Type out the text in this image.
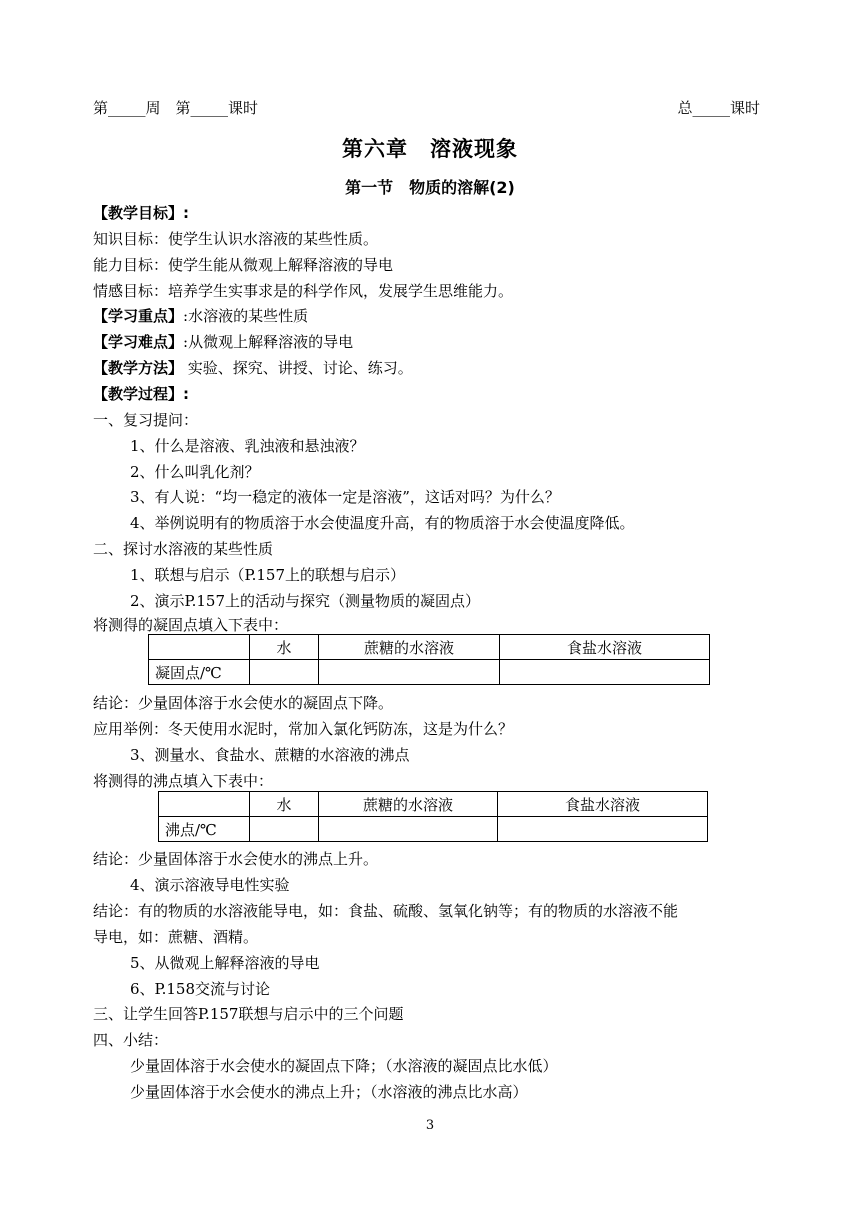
第_____周　第_____课时	总_____课时
第六章　溶液现象
第一节　物质的溶解(2)
【教学目标】:
知识目标：使学生认识水溶液的某些性质。
能力目标：使学生能从微观上解释溶液的导电
情感目标：培养学生实事求是的科学作风，发展学生思维能力。
【学习重点】:水溶液的某些性质
【学习难点】:从微观上解释溶液的导电
【教学方法】 实验、探究、讲授、讨论、练习。
【教学过程】:
一、复习提问：
1、什么是溶液、乳浊液和悬浊液？
2、什么叫乳化剂？
3、有人说：“均一稳定的液体一定是溶液”，这话对吗？为什么？
4、举例说明有的物质溶于水会使温度升高，有的物质溶于水会使温度降低。
二、探讨水溶液的某些性质
1、联想与启示（P.157上的联想与启示）
2、演示P.157上的活动与探究（测量物质的凝固点）
将测得的凝固点填入下表中：
	水	蔗糖的水溶液	食盐水溶液
凝固点/℃			
结论：少量固体溶于水会使水的凝固点下降。
应用举例：冬天使用水泥时，常加入氯化钙防冻，这是为什么？
3、测量水、食盐水、蔗糖的水溶液的沸点
将测得的沸点填入下表中：
	水	蔗糖的水溶液	食盐水溶液
沸点/℃			
结论：少量固体溶于水会使水的沸点上升。
4、演示溶液导电性实验
结论：有的物质的水溶液能导电，如：食盐、硫酸、氢氧化钠等；有的物质的水溶液不能
导电，如：蔗糖、酒精。
5、从微观上解释溶液的导电
6、P.158交流与讨论
三、让学生回答P.157联想与启示中的三个问题
四、小结：
少量固体溶于水会使水的凝固点下降；（水溶液的凝固点比水低）
少量固体溶于水会使水的沸点上升；（水溶液的沸点比水高）
3
